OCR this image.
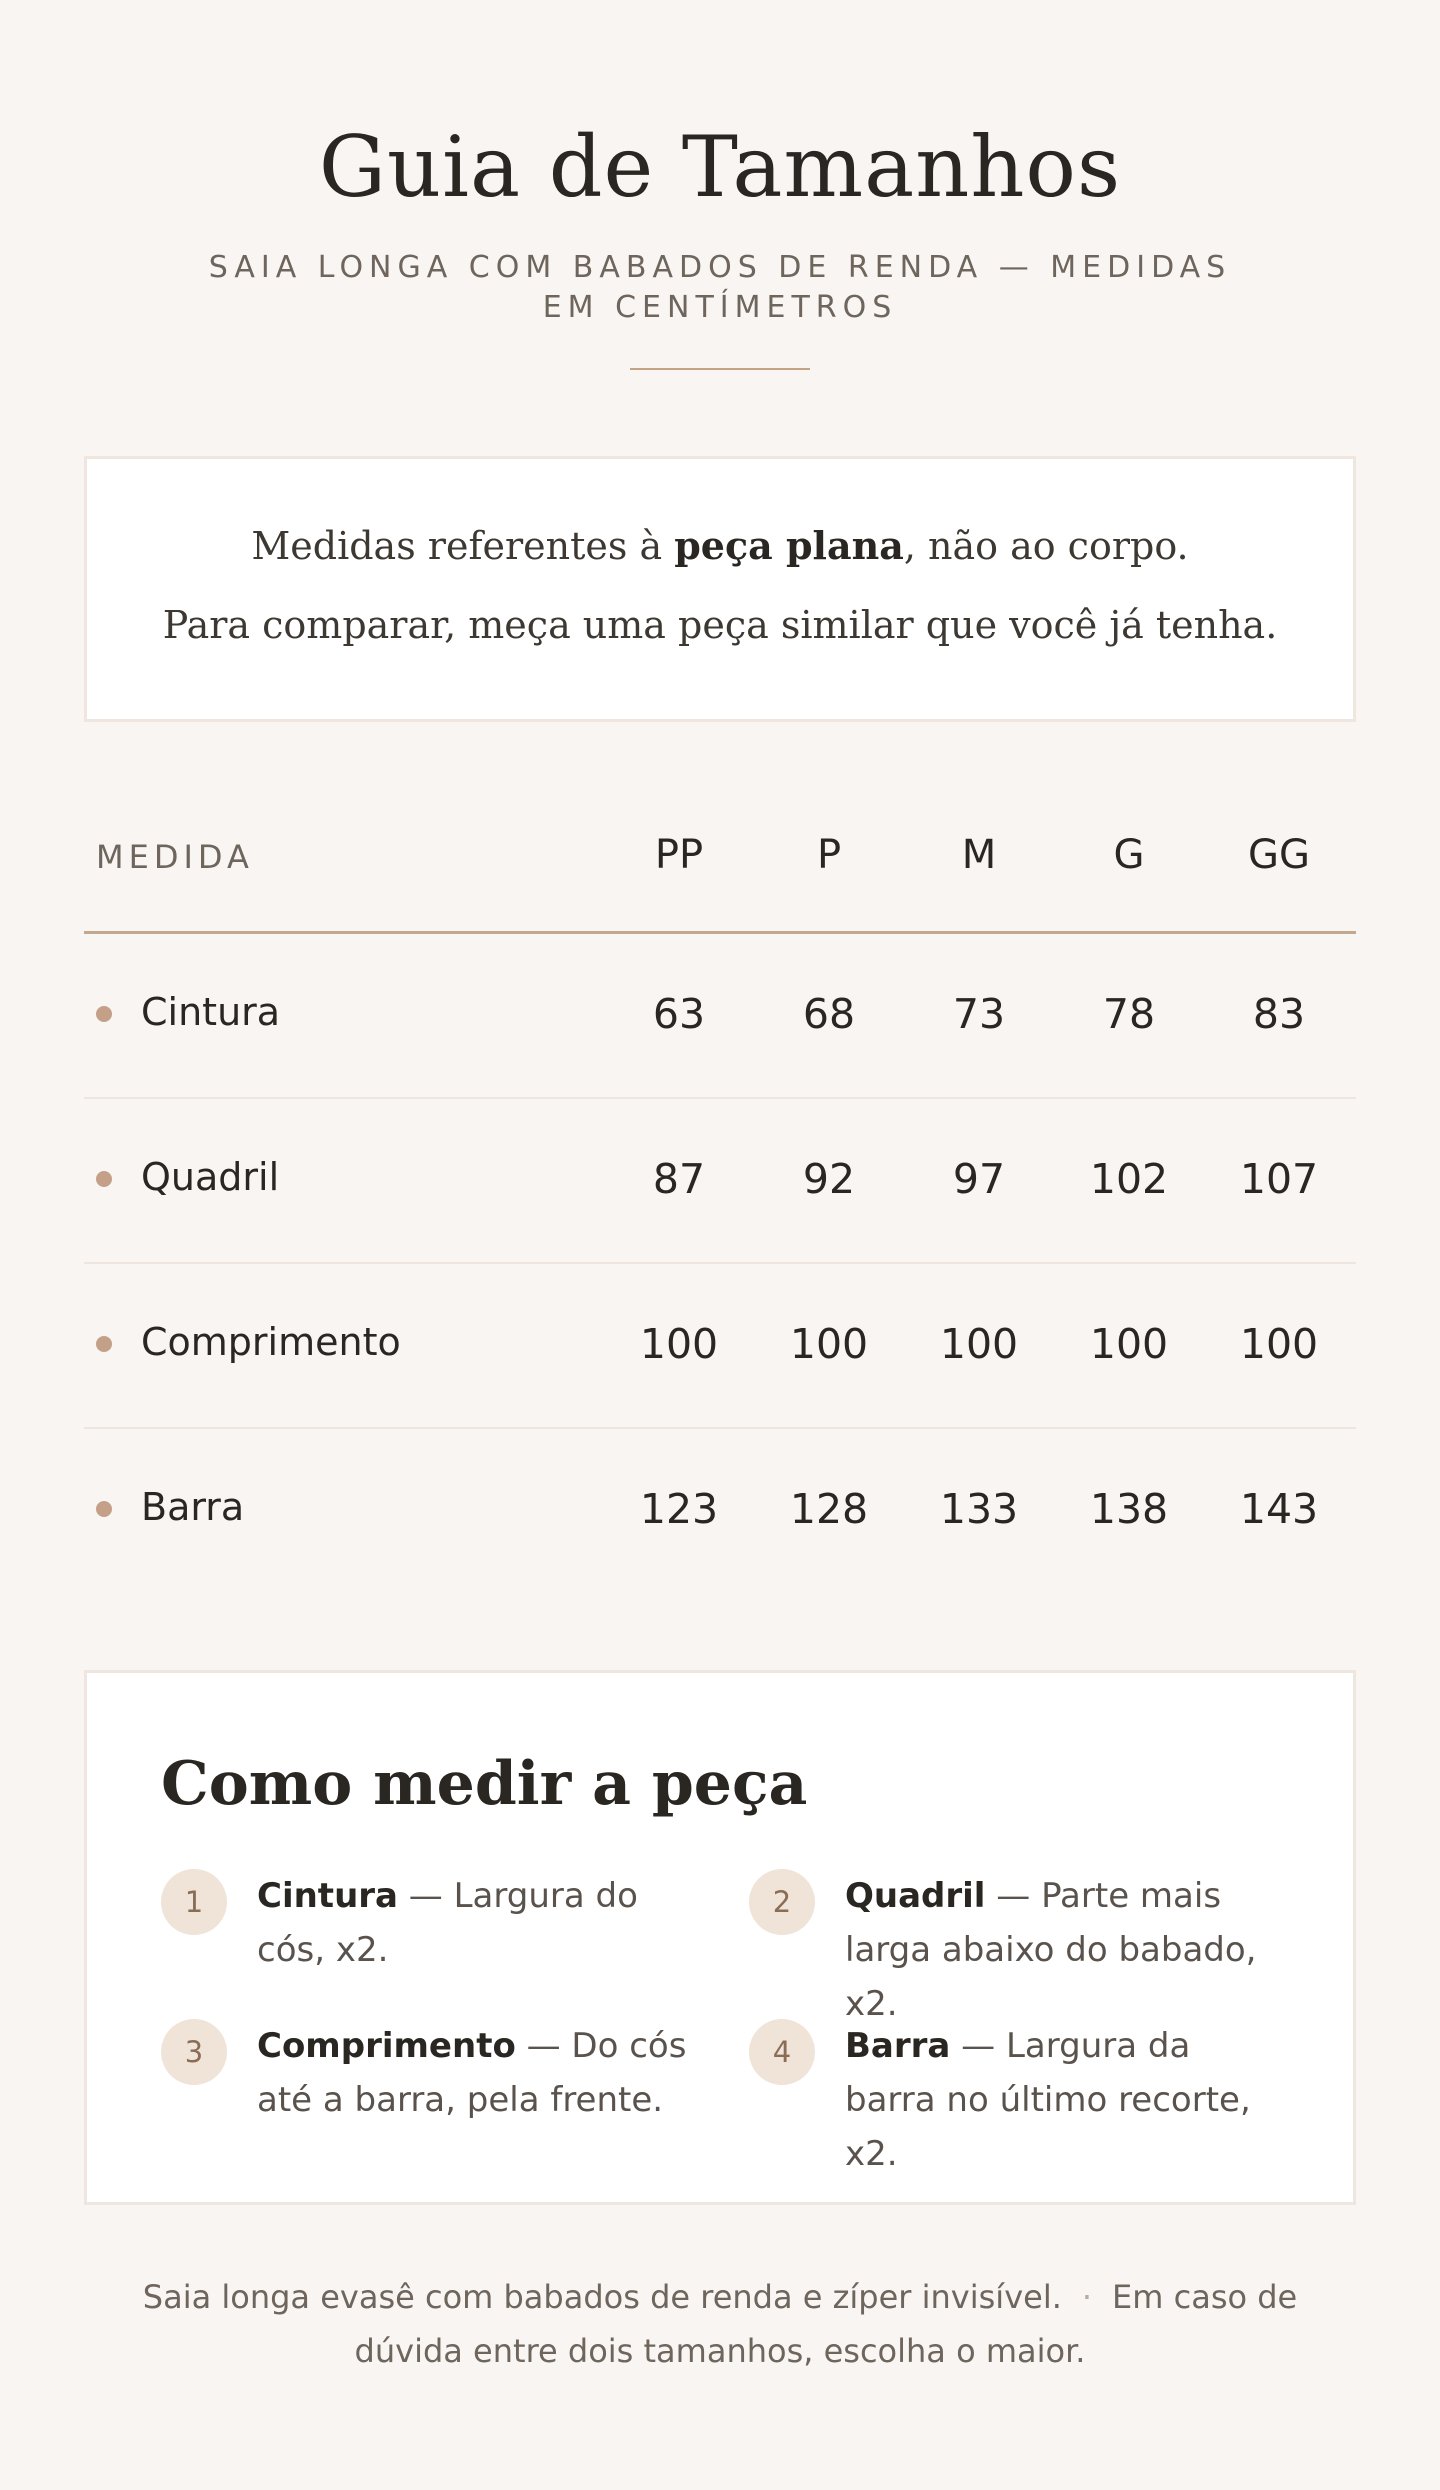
Guia de Tamanhos
SAIA LONGA COM BABADOS DE RENDA — MEDIDAS EM CENTÍMETROS
Medidas referentes à peça plana, não ao corpo.
Para comparar, meça uma peça similar que você já tenha.
MEDIDA	PP	P	M	G	GG
Cintura	63	68	73	78	83
Quadril	87	92	97	102	107
Comprimento	100	100	100	100	100
Barra	123	128	133	138	143
Como medir a peça
1	Cintura — Largura do cós, x2.
2	Quadril — Parte mais larga abaixo do babado, x2.
3	Comprimento — Do cós até a barra, pela frente.
4	Barra — Largura da barra no último recorte, x2.
Saia longa evasê com babados de renda e zíper invisível. · Em caso de dúvida entre dois tamanhos, escolha o maior.
